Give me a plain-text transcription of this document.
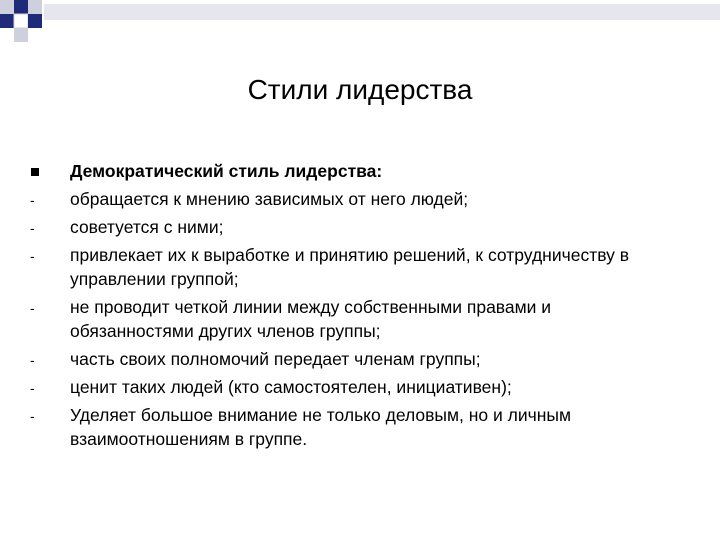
Стили лидерства
Демократический стиль лидерства:
-
обращается к мнению зависимых от него людей;
-
советуется с ними;
-
привлекает их к выработке и принятию решений, к сотрудничеству в управлении группой;
-
не проводит четкой линии между собственными правами и обязанностями других членов группы;
-
часть своих полномочий передает членам группы;
-
ценит таких людей (кто самостоятелен, инициативен);
-
Уделяет большое внимание не только деловым, но и личным взаимоотношениям в группе.
